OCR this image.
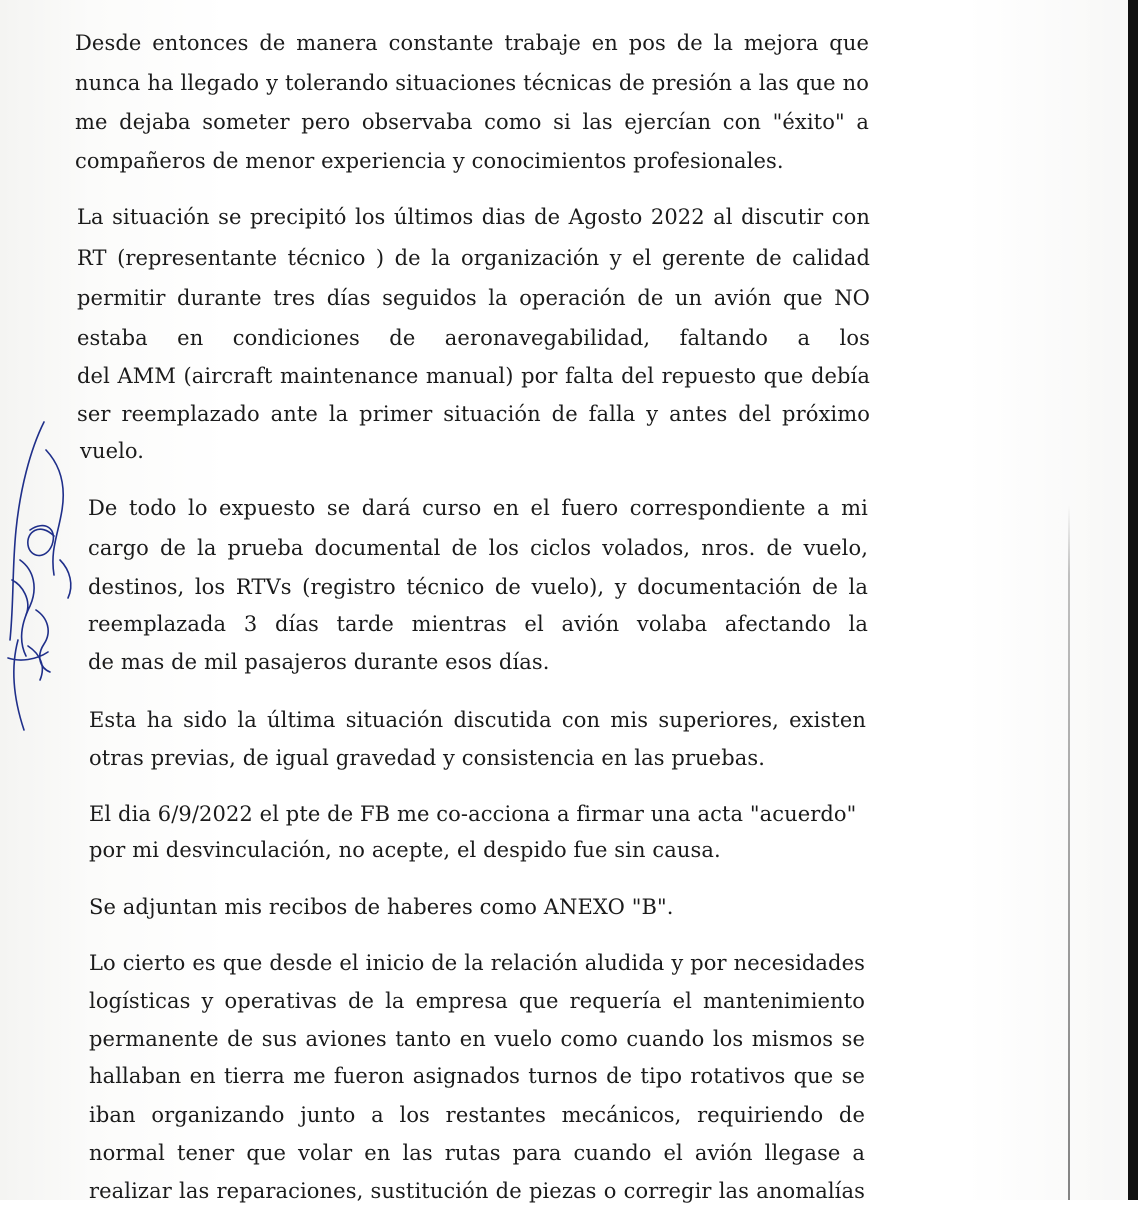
Desde entonces de manera constante trabaje en pos de la mejora que
nunca ha llegado y tolerando situaciones técnicas de presión a las que no
me dejaba someter pero observaba como si las ejercían con "éxito" a
compañeros de menor experiencia y conocimientos profesionales.
La situación se precipitó los últimos dias de Agosto 2022 al discutir con
RT (representante técnico ) de la organización y el gerente de calidad
permitir durante tres días seguidos la operación de un avión que NO
estaba en condiciones de aeronavegabilidad, faltando a los
del AMM (aircraft maintenance manual) por falta del repuesto que debía
ser reemplazado ante la primer situación de falla y antes del próximo
vuelo.
De todo lo expuesto se dará curso en el fuero correspondiente a mi
cargo de la prueba documental de los ciclos volados, nros. de vuelo,
destinos, los RTVs (registro técnico de vuelo), y documentación de la
reemplazada 3 días tarde mientras el avión volaba afectando la
de mas de mil pasajeros durante esos días.
Esta ha sido la última situación discutida con mis superiores, existen
otras previas, de igual gravedad y consistencia en las pruebas.
El dia 6/9/2022 el pte de FB me co-acciona a firmar una acta "acuerdo"
por mi desvinculación, no acepte, el despido fue sin causa.
Se adjuntan mis recibos de haberes como ANEXO "B".
Lo cierto es que desde el inicio de la relación aludida y por necesidades
logísticas y operativas de la empresa que requería el mantenimiento
permanente de sus aviones tanto en vuelo como cuando los mismos se
hallaban en tierra me fueron asignados turnos de tipo rotativos que se
iban organizando junto a los restantes mecánicos, requiriendo de
normal tener que volar en las rutas para cuando el avión llegase a
realizar las reparaciones, sustitución de piezas o corregir las anomalías
